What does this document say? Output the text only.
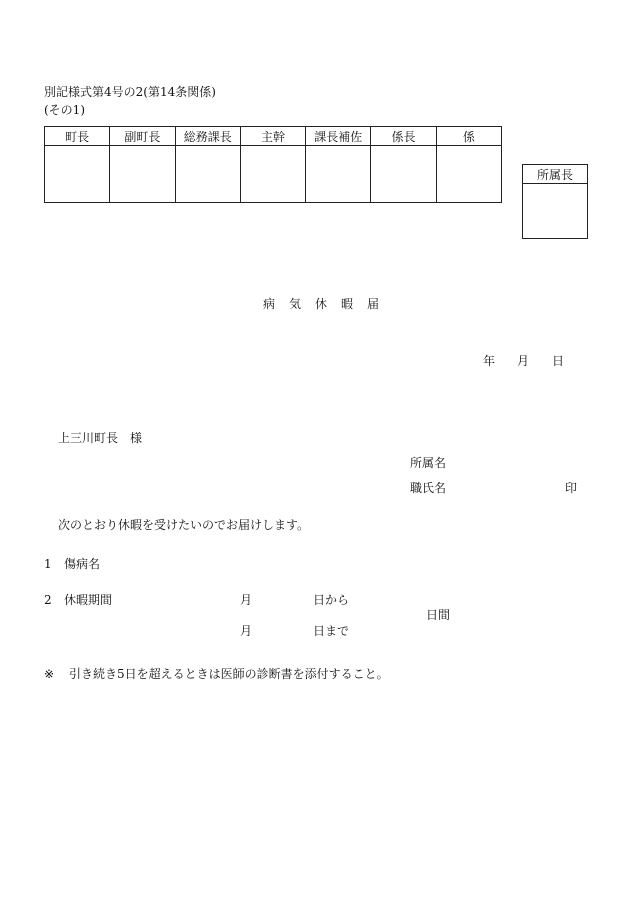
別記様式第4号の2(第14条関係)
(その1)
町長	副町長	総務課長	主幹	課長補佐	係長	係

所属長

病気休暇届
年 月 日
上三川町長　様
所属名
職氏名	印
次のとおり休暇を受けたいのでお届けします。
1 傷病名
2 休暇期間	月	日から
日間
月	日まで
※ 引き続き5日を超えるときは医師の診断書を添付すること。
